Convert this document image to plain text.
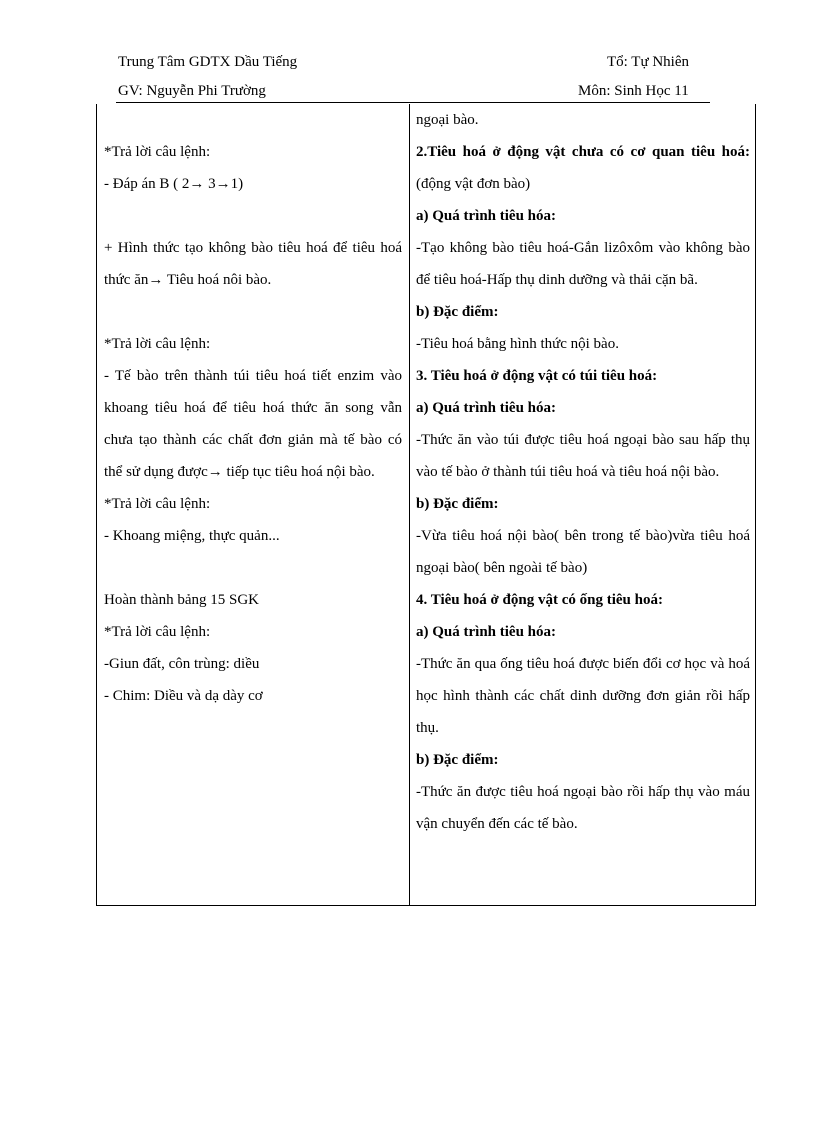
Trung Tâm GDTX Dầu Tiếng	Tổ: Tự Nhiên
GV: Nguyễn Phi Trường	Môn: Sinh Học 11

*Trả lời câu lệnh:

- Đáp án B ( 2→ 3→1)

+ Hình thức tạo không bào tiêu hoá để tiêu hoá thức ăn→ Tiêu hoá nôi bào.

*Trả lời câu lệnh:

- Tế bào trên thành túi tiêu hoá tiết enzim vào khoang tiêu hoá để tiêu hoá thức ăn song vẫn chưa tạo thành các chất đơn giản mà tế bào có thể sử dụng được→ tiếp tục tiêu hoá nội bào.

*Trả lời câu lệnh:

- Khoang miệng, thực quản...

Hoàn thành bảng 15 SGK

*Trả lời câu lệnh:

-Giun đất, côn trùng: diều

- Chim: Diều và dạ dày cơ

ngoại bào.

2.Tiêu hoá ở động vật chưa có cơ quan tiêu hoá: (động vật đơn bào)

a) Quá trình tiêu hóa:

-Tạo không bào tiêu hoá-Gắn lizôxôm vào không bào để tiêu hoá-Hấp thụ dinh dưỡng và thải cặn bã.

b) Đặc điểm:

-Tiêu hoá bằng hình thức nội bào.

3. Tiêu hoá ở động vật có túi tiêu hoá:

a) Quá trình tiêu hóa:

-Thức ăn vào túi được tiêu hoá ngoại bào sau hấp thụ vào tế bào ở thành túi tiêu hoá và tiêu hoá nội bào.

b) Đặc điểm:

-Vừa tiêu hoá nội bào( bên trong tế bào)vừa tiêu hoá ngoại bào( bên ngoài tế bào)

4. Tiêu hoá ở động vật có ống tiêu hoá:

a) Quá trình tiêu hóa:

-Thức ăn qua ống tiêu hoá được biến đổi cơ học và hoá học hình thành các chất dinh dưỡng đơn giản rồi hấp thụ.

b) Đặc điểm:

-Thức ăn được tiêu hoá ngoại bào rồi hấp thụ vào máu vận chuyển đến các tế bào.
